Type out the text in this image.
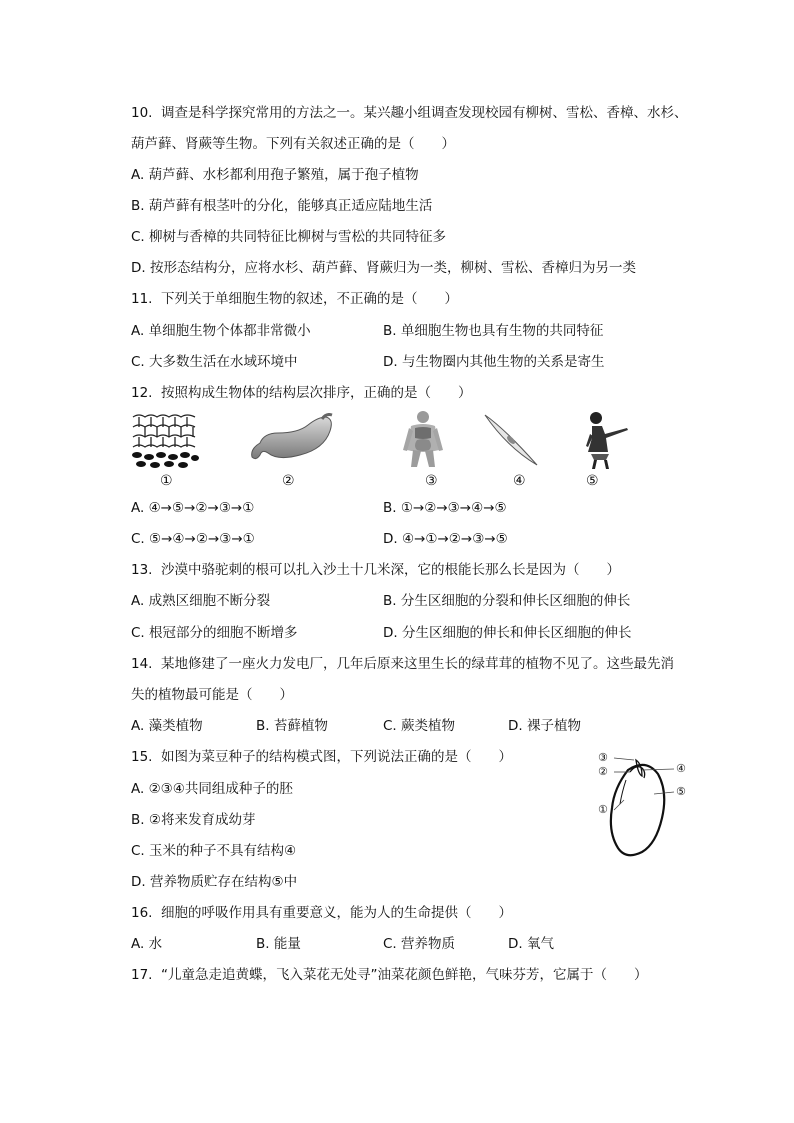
10. 调查是科学探究常用的方法之一。某兴趣小组调查发现校园有柳树、雪松、香樟、水杉、
葫芦藓、肾蕨等生物。下列有关叙述正确的是（　　）
A. 葫芦藓、水杉都利用孢子繁殖，属于孢子植物
B. 葫芦藓有根茎叶的分化，能够真正适应陆地生活
C. 柳树与香樟的共同特征比柳树与雪松的共同特征多
D. 按形态结构分，应将水杉、葫芦藓、肾蕨归为一类，柳树、雪松、香樟归为另一类
11. 下列关于单细胞生物的叙述，不正确的是（　　）
A. 单细胞生物个体都非常微小	B. 单细胞生物也具有生物的共同特征
C. 大多数生活在水域环境中	D. 与生物圈内其他生物的关系是寄生
12. 按照构成生物体的结构层次排序，正确的是（　　）
①	②	③	④	⑤
A. ④→⑤→②→③→①	B. ①→②→③→④→⑤
C. ⑤→④→②→③→①	D. ④→①→②→③→⑤
13. 沙漠中骆驼刺的根可以扎入沙土十几米深，它的根能长那么长是因为（　　）
A. 成熟区细胞不断分裂	B. 分生区细胞的分裂和伸长区细胞的伸长
C. 根冠部分的细胞不断增多	D. 分生区细胞的伸长和伸长区细胞的伸长
14. 某地修建了一座火力发电厂，几年后原来这里生长的绿茸茸的植物不见了。这些最先消
失的植物最可能是（　　）
A. 藻类植物	B. 苔藓植物	C. 蕨类植物	D. 裸子植物
15. 如图为菜豆种子的结构模式图，下列说法正确的是（　　）
A. ②③④共同组成种子的胚
B. ②将来发育成幼芽
C. 玉米的种子不具有结构④
D. 营养物质贮存在结构⑤中
③
②
①
④
⑤
16. 细胞的呼吸作用具有重要意义，能为人的生命提供（　　）
A. 水	B. 能量	C. 营养物质	D. 氧气
17. “儿童急走追黄蝶，飞入菜花无处寻”油菜花颜色鲜艳，气味芬芳，它属于（　　）
